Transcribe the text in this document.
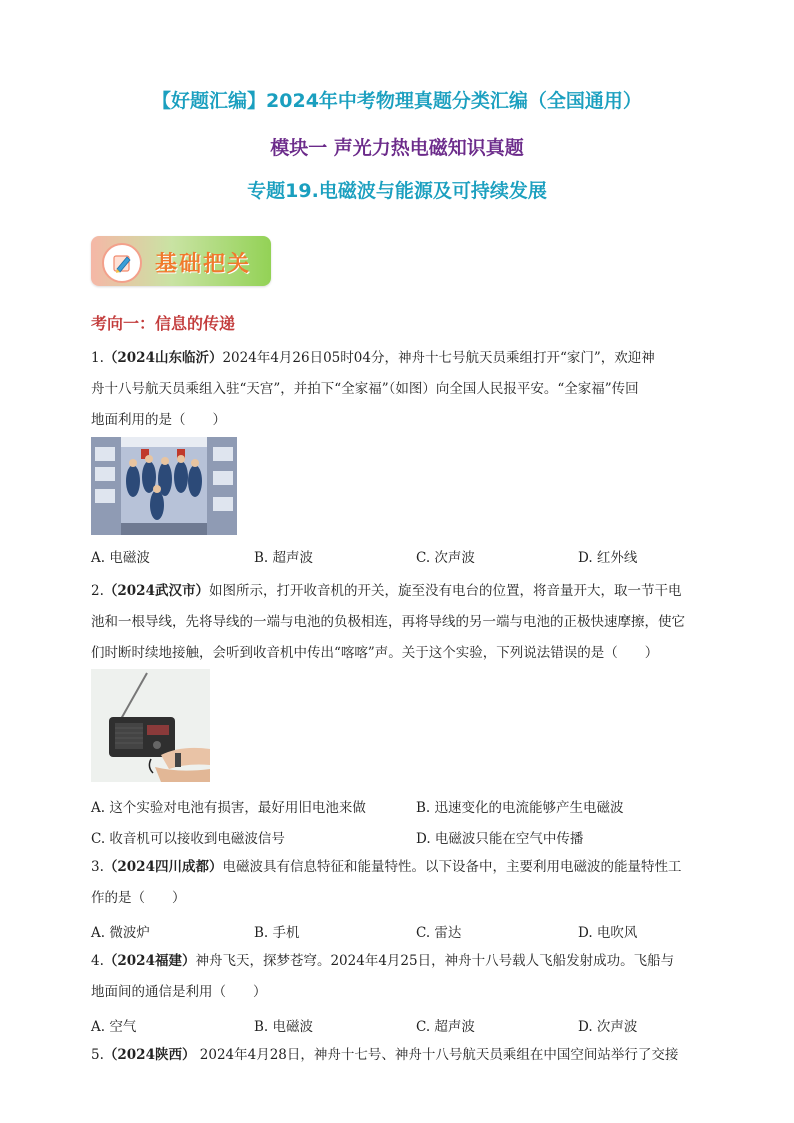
【好题汇编】2024年中考物理真题分类汇编（全国通用）
模块一 声光力热电磁知识真题
专题19.电磁波与能源及可持续发展
基础把关
考向一：信息的传递
1.（2024山东临沂）2024年4月26日05时04分，神舟十七号航天员乘组打开“家门”，欢迎神
舟十八号航天员乘组入驻“天宫”，并拍下“全家福”（如图）向全国人民报平安。“全家福”传回
地面利用的是（　　）
A. 电磁波	B. 超声波	C. 次声波	D. 红外线
2.（2024武汉市）如图所示，打开收音机的开关，旋至没有电台的位置，将音量开大，取一节干电
池和一根导线，先将导线的一端与电池的负极相连，再将导线的另一端与电池的正极快速摩擦，使它
们时断时续地接触，会听到收音机中传出“喀喀”声。关于这个实验，下列说法错误的是（　　）
A. 这个实验对电池有损害，最好用旧电池来做	B. 迅速变化的电流能够产生电磁波
C. 收音机可以接收到电磁波信号	D. 电磁波只能在空气中传播
3.（2024四川成都）电磁波具有信息特征和能量特性。以下设备中，主要利用电磁波的能量特性工
作的是（　　）
A. 微波炉	B. 手机	C. 雷达	D. 电吹风
4.（2024福建）神舟飞天，探梦苍穹。2024年4月25日，神舟十八号载人飞船发射成功。飞船与
地面间的通信是利用（　　）
A. 空气	B. 电磁波	C. 超声波	D. 次声波
5.（2024陕西） 2024年4月28日，神舟十七号、神舟十八号航天员乘组在中国空间站举行了交接
